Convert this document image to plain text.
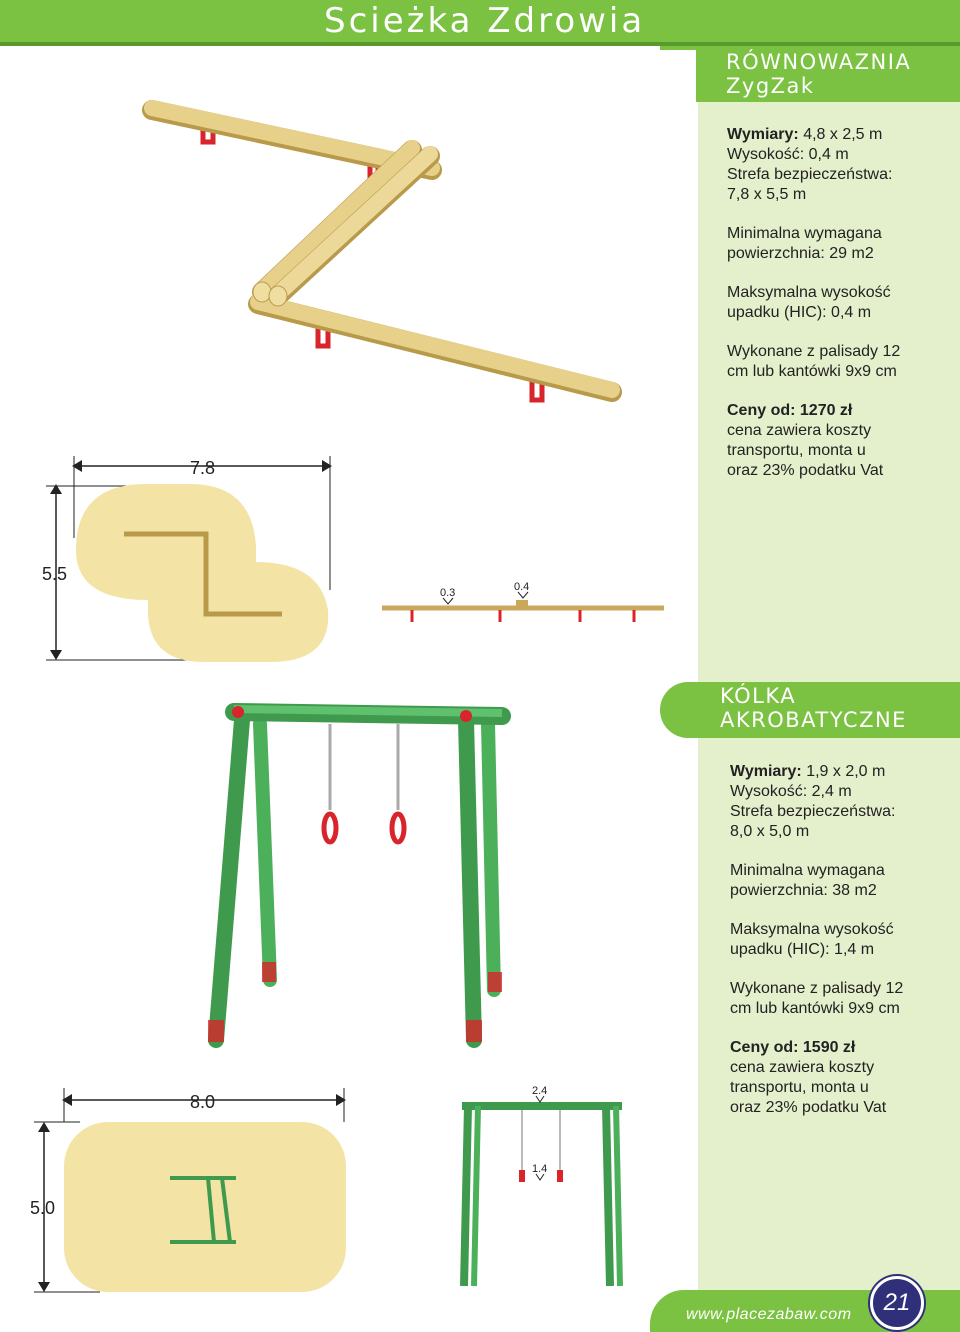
Scieżka Zdrowia
RÓWNOWAZNIA
ZygZak

Wymiary: 4,8 x 2,5 m
Wysokość: 0,4 m
Strefa bezpieczeństwa:
7,8 x 5,5 m

Minimalna wymagana
powierzchnia: 29 m2

Maksymalna wysokość
upadku (HIC): 0,4 m

Wykonane z palisady 12
cm lub kantówki 9x9 cm

Ceny od: 1270 zł
cena zawiera koszty
transportu, monta u
oraz 23% podatku Vat

7.8
5.5
0.3	0.4
KÓLKA
AKROBATYCZNE

Wymiary: 1,9 x 2,0 m
Wysokość: 2,4 m
Strefa bezpieczeństwa:
8,0 x 5,0 m

Minimalna wymagana
powierzchnia: 38 m2

Maksymalna wysokość
upadku (HIC): 1,4 m

Wykonane z palisady 12
cm lub kantówki 9x9 cm

Ceny od: 1590 zł
cena zawiera koszty
transportu, monta u
oraz 23% podatku Vat

8.0
5.0
2.4
1.4
www.placezabaw.com	21
